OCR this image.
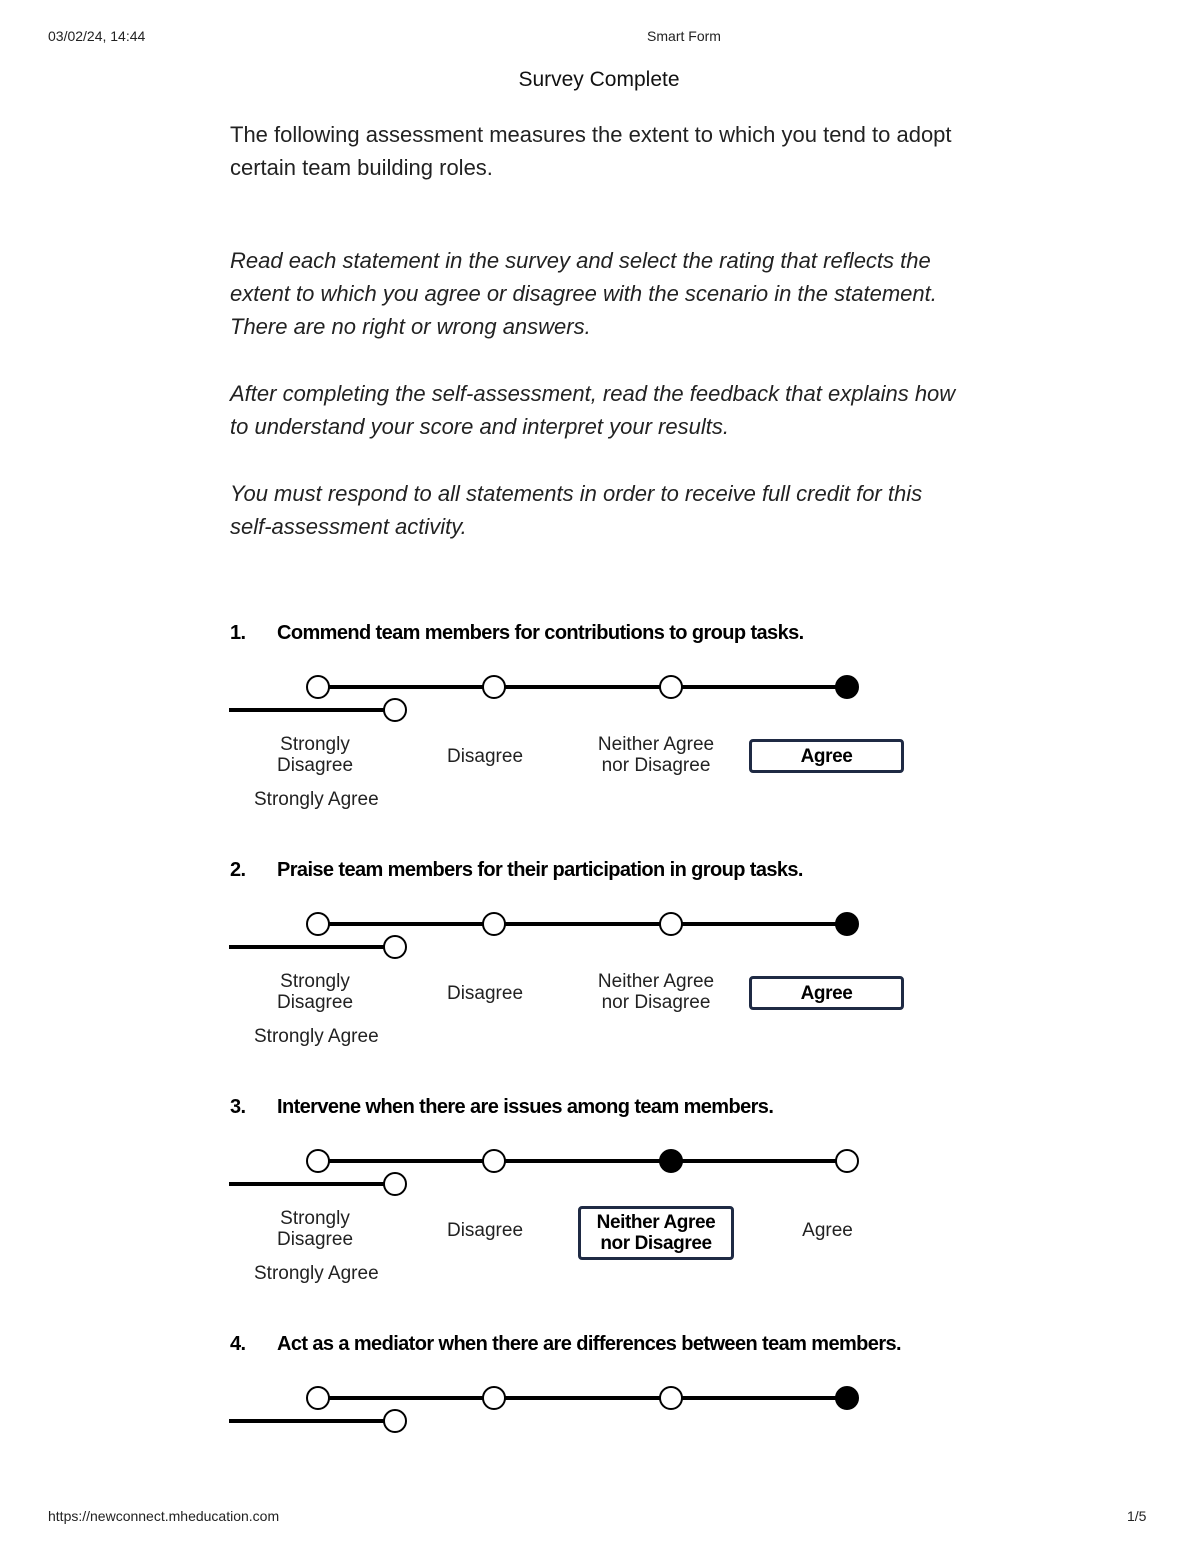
03/02/24, 14:44	Smart Form
Survey Complete
The following assessment measures the extent to which you tend to adopt certain team building roles.
Read each statement in the survey and select the rating that reflects the extent to which you agree or disagree with the scenario in the statement. There are no right or wrong answers.
After completing the self-assessment, read the feedback that explains how to understand your score and interpret your results.
You must respond to all statements in order to receive full credit for this self-assessment activity.
1. Commend team members for contributions to group tasks.
Strongly
Disagree	Disagree
Neither Agree
nor Disagree	Agree
Strongly Agree
2. Praise team members for their participation in group tasks.
Strongly
Disagree	Disagree
Neither Agree
nor Disagree	Agree
Strongly Agree
3. Intervene when there are issues among team members.
Strongly
Disagree	Disagree	Neither Agree
nor Disagree
Agree
Strongly Agree
4. Act as a mediator when there are differences between team members.
https://newconnect.mheducation.com	1/5
